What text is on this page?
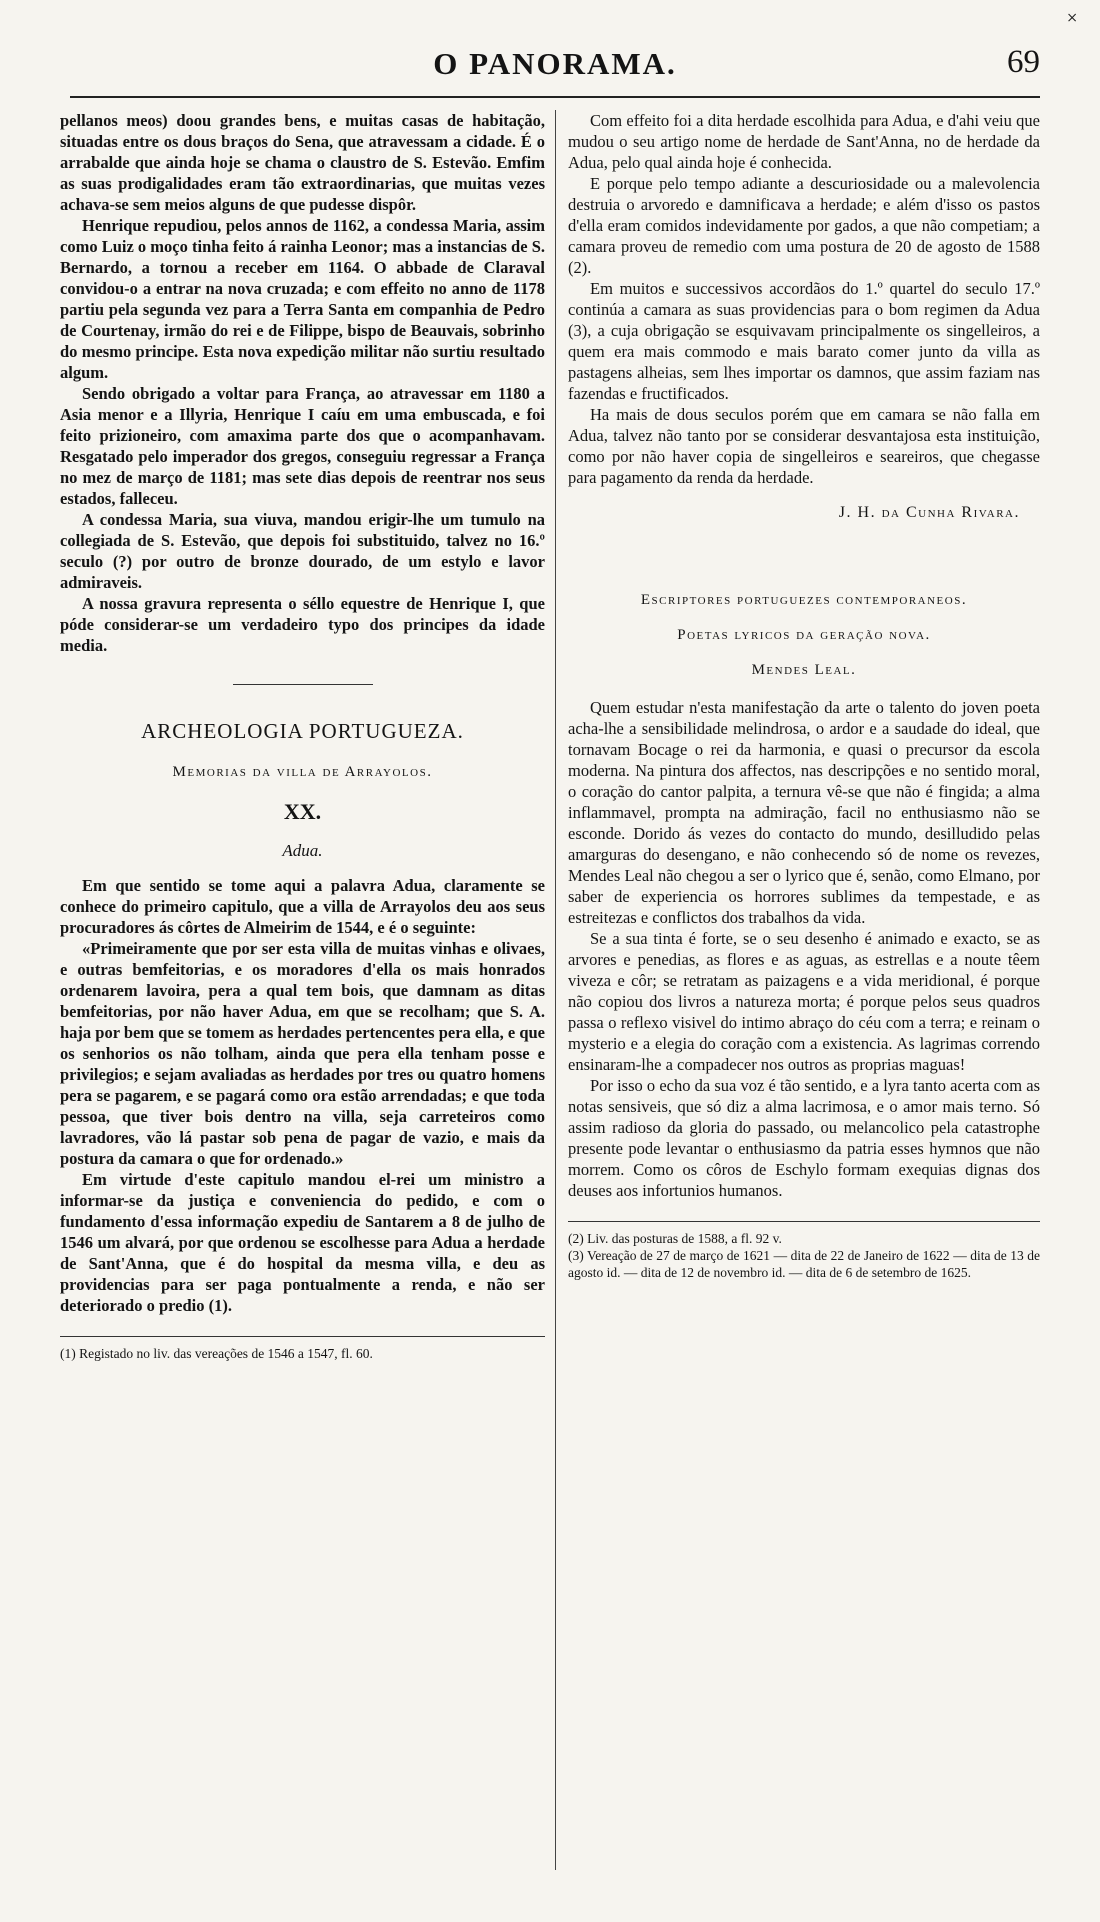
O PANORAMA.	69
×

pellanos meos) doou grandes bens, e muitas casas de habitação, situadas entre os dous braços do Sena, que atravessam a cidade. É o arrabalde que ainda hoje se chama o claustro de S. Estevão. Emfim as suas prodigalidades eram tão extraordinarias, que muitas vezes achava-se sem meios alguns de que pudesse dispôr.

Henrique repudiou, pelos annos de 1162, a condessa Maria, assim como Luiz o moço tinha feito á rainha Leonor; mas a instancias de S. Bernardo, a tornou a receber em 1164. O abbade de Claraval convidou-o a entrar na nova cruzada; e com effeito no anno de 1178 partiu pela segunda vez para a Terra Santa em companhia de Pedro de Courtenay, irmão do rei e de Filippe, bispo de Beauvais, sobrinho do mesmo principe. Esta nova expedição militar não surtiu resultado algum.

Sendo obrigado a voltar para França, ao atravessar em 1180 a Asia menor e a Illyria, Henrique I caíu em uma embuscada, e foi feito prizioneiro, com amaxima parte dos que o acompanhavam. Resgatado pelo imperador dos gregos, conseguiu regressar a França no mez de março de 1181; mas sete dias depois de reentrar nos seus estados, falleceu.

A condessa Maria, sua viuva, mandou erigir-lhe um tumulo na collegiada de S. Estevão, que depois foi substituido, talvez no 16.º seculo (?) por outro de bronze dourado, de um estylo e lavor admiraveis.

A nossa gravura representa o séllo equestre de Henrique I, que póde considerar-se um verdadeiro typo dos principes da idade media.

ARCHEOLOGIA PORTUGUEZA.
Memorias da villa de Arrayolos.
XX.
Adua.

Em que sentido se tome aqui a palavra Adua, claramente se conhece do primeiro capitulo, que a villa de Arrayolos deu aos seus procuradores ás côrtes de Almeirim de 1544, e é o seguinte:

«Primeiramente que por ser esta villa de muitas vinhas e olivaes, e outras bemfeitorias, e os moradores d'ella os mais honrados ordenarem lavoira, pera a qual tem bois, que damnam as ditas bemfeitorias, por não haver Adua, em que se recolham; que S. A. haja por bem que se tomem as herdades pertencentes pera ella, e que os senhorios os não tolham, ainda que pera ella tenham posse e privilegios; e sejam avaliadas as herdades por tres ou quatro homens pera se pagarem, e se pagará como ora estão arrendadas; e que toda pessoa, que tiver bois dentro na villa, seja carreteiros como lavradores, vão lá pastar sob pena de pagar de vazio, e mais da postura da camara o que for ordenado.»

Em virtude d'este capitulo mandou el-rei um ministro a informar-se da justiça e conveniencia do pedido, e com o fundamento d'essa informação expediu de Santarem a 8 de julho de 1546 um alvará, por que ordenou se escolhesse para Adua a herdade de Sant'Anna, que é do hospital da mesma villa, e deu as providencias para ser paga pontualmente a renda, e não ser deteriorado o predio (1).

(1) Registado no liv. das vereações de 1546 a 1547, fl. 60.

Com effeito foi a dita herdade escolhida para Adua, e d'ahi veiu que mudou o seu artigo nome de herdade de Sant'Anna, no de herdade da Adua, pelo qual ainda hoje é conhecida.

E porque pelo tempo adiante a descuriosidade ou a malevolencia destruia o arvoredo e damnificava a herdade; e além d'isso os pastos d'ella eram comidos indevidamente por gados, a que não competiam; a camara proveu de remedio com uma postura de 20 de agosto de 1588 (2).

Em muitos e successivos accordãos do 1.º quartel do seculo 17.º continúa a camara as suas providencias para o bom regimen da Adua (3), a cuja obrigação se esquivavam principalmente os singelleiros, a quem era mais commodo e mais barato comer junto da villa as pastagens alheias, sem lhes importar os damnos, que assim faziam nas fazendas e fructificados.

Ha mais de dous seculos porém que em camara se não falla em Adua, talvez não tanto por se considerar desvantajosa esta instituição, como por não haver copia de singelleiros e seareiros, que chegasse para pagamento da renda da herdade.

J. H. da Cunha Rivara.
Escriptores portuguezes contemporaneos.
Poetas lyricos da geração nova.
Mendes Leal.

Quem estudar n'esta manifestação da arte o talento do joven poeta acha-lhe a sensibilidade melindrosa, o ardor e a saudade do ideal, que tornavam Bocage o rei da harmonia, e quasi o precursor da escola moderna. Na pintura dos affectos, nas descripções e no sentido moral, o coração do cantor palpita, a ternura vê-se que não é fingida; a alma inflammavel, prompta na admiração, facil no enthusiasmo não se esconde. Dorido ás vezes do contacto do mundo, desilludido pelas amarguras do desengano, e não conhecendo só de nome os revezes, Mendes Leal não chegou a ser o lyrico que é, senão, como Elmano, por saber de experiencia os horrores sublimes da tempestade, e as estreitezas e conflictos dos trabalhos da vida.

Se a sua tinta é forte, se o seu desenho é animado e exacto, se as arvores e penedias, as flores e as aguas, as estrellas e a noute têem viveza e côr; se retratam as paizagens e a vida meridional, é porque não copiou dos livros a natureza morta; é porque pelos seus quadros passa o reflexo visivel do intimo abraço do céu com a terra; e reinam o mysterio e a elegia do coração com a existencia. As lagrimas correndo ensinaram-lhe a compadecer nos outros as proprias maguas!

Por isso o echo da sua voz é tão sentido, e a lyra tanto acerta com as notas sensiveis, que só diz a alma lacrimosa, e o amor mais terno. Só assim radioso da gloria do passado, ou melancolico pela catastrophe presente pode levantar o enthusiasmo da patria esses hymnos que não morrem. Como os côros de Eschylo formam exequias dignas dos deuses aos infortunios humanos.

(2) Liv. das posturas de 1588, a fl. 92 v.

(3) Vereação de 27 de março de 1621 — dita de 22 de Janeiro de 1622 — dita de 13 de agosto id. — dita de 12 de novembro id. — dita de 6 de setembro de 1625.
